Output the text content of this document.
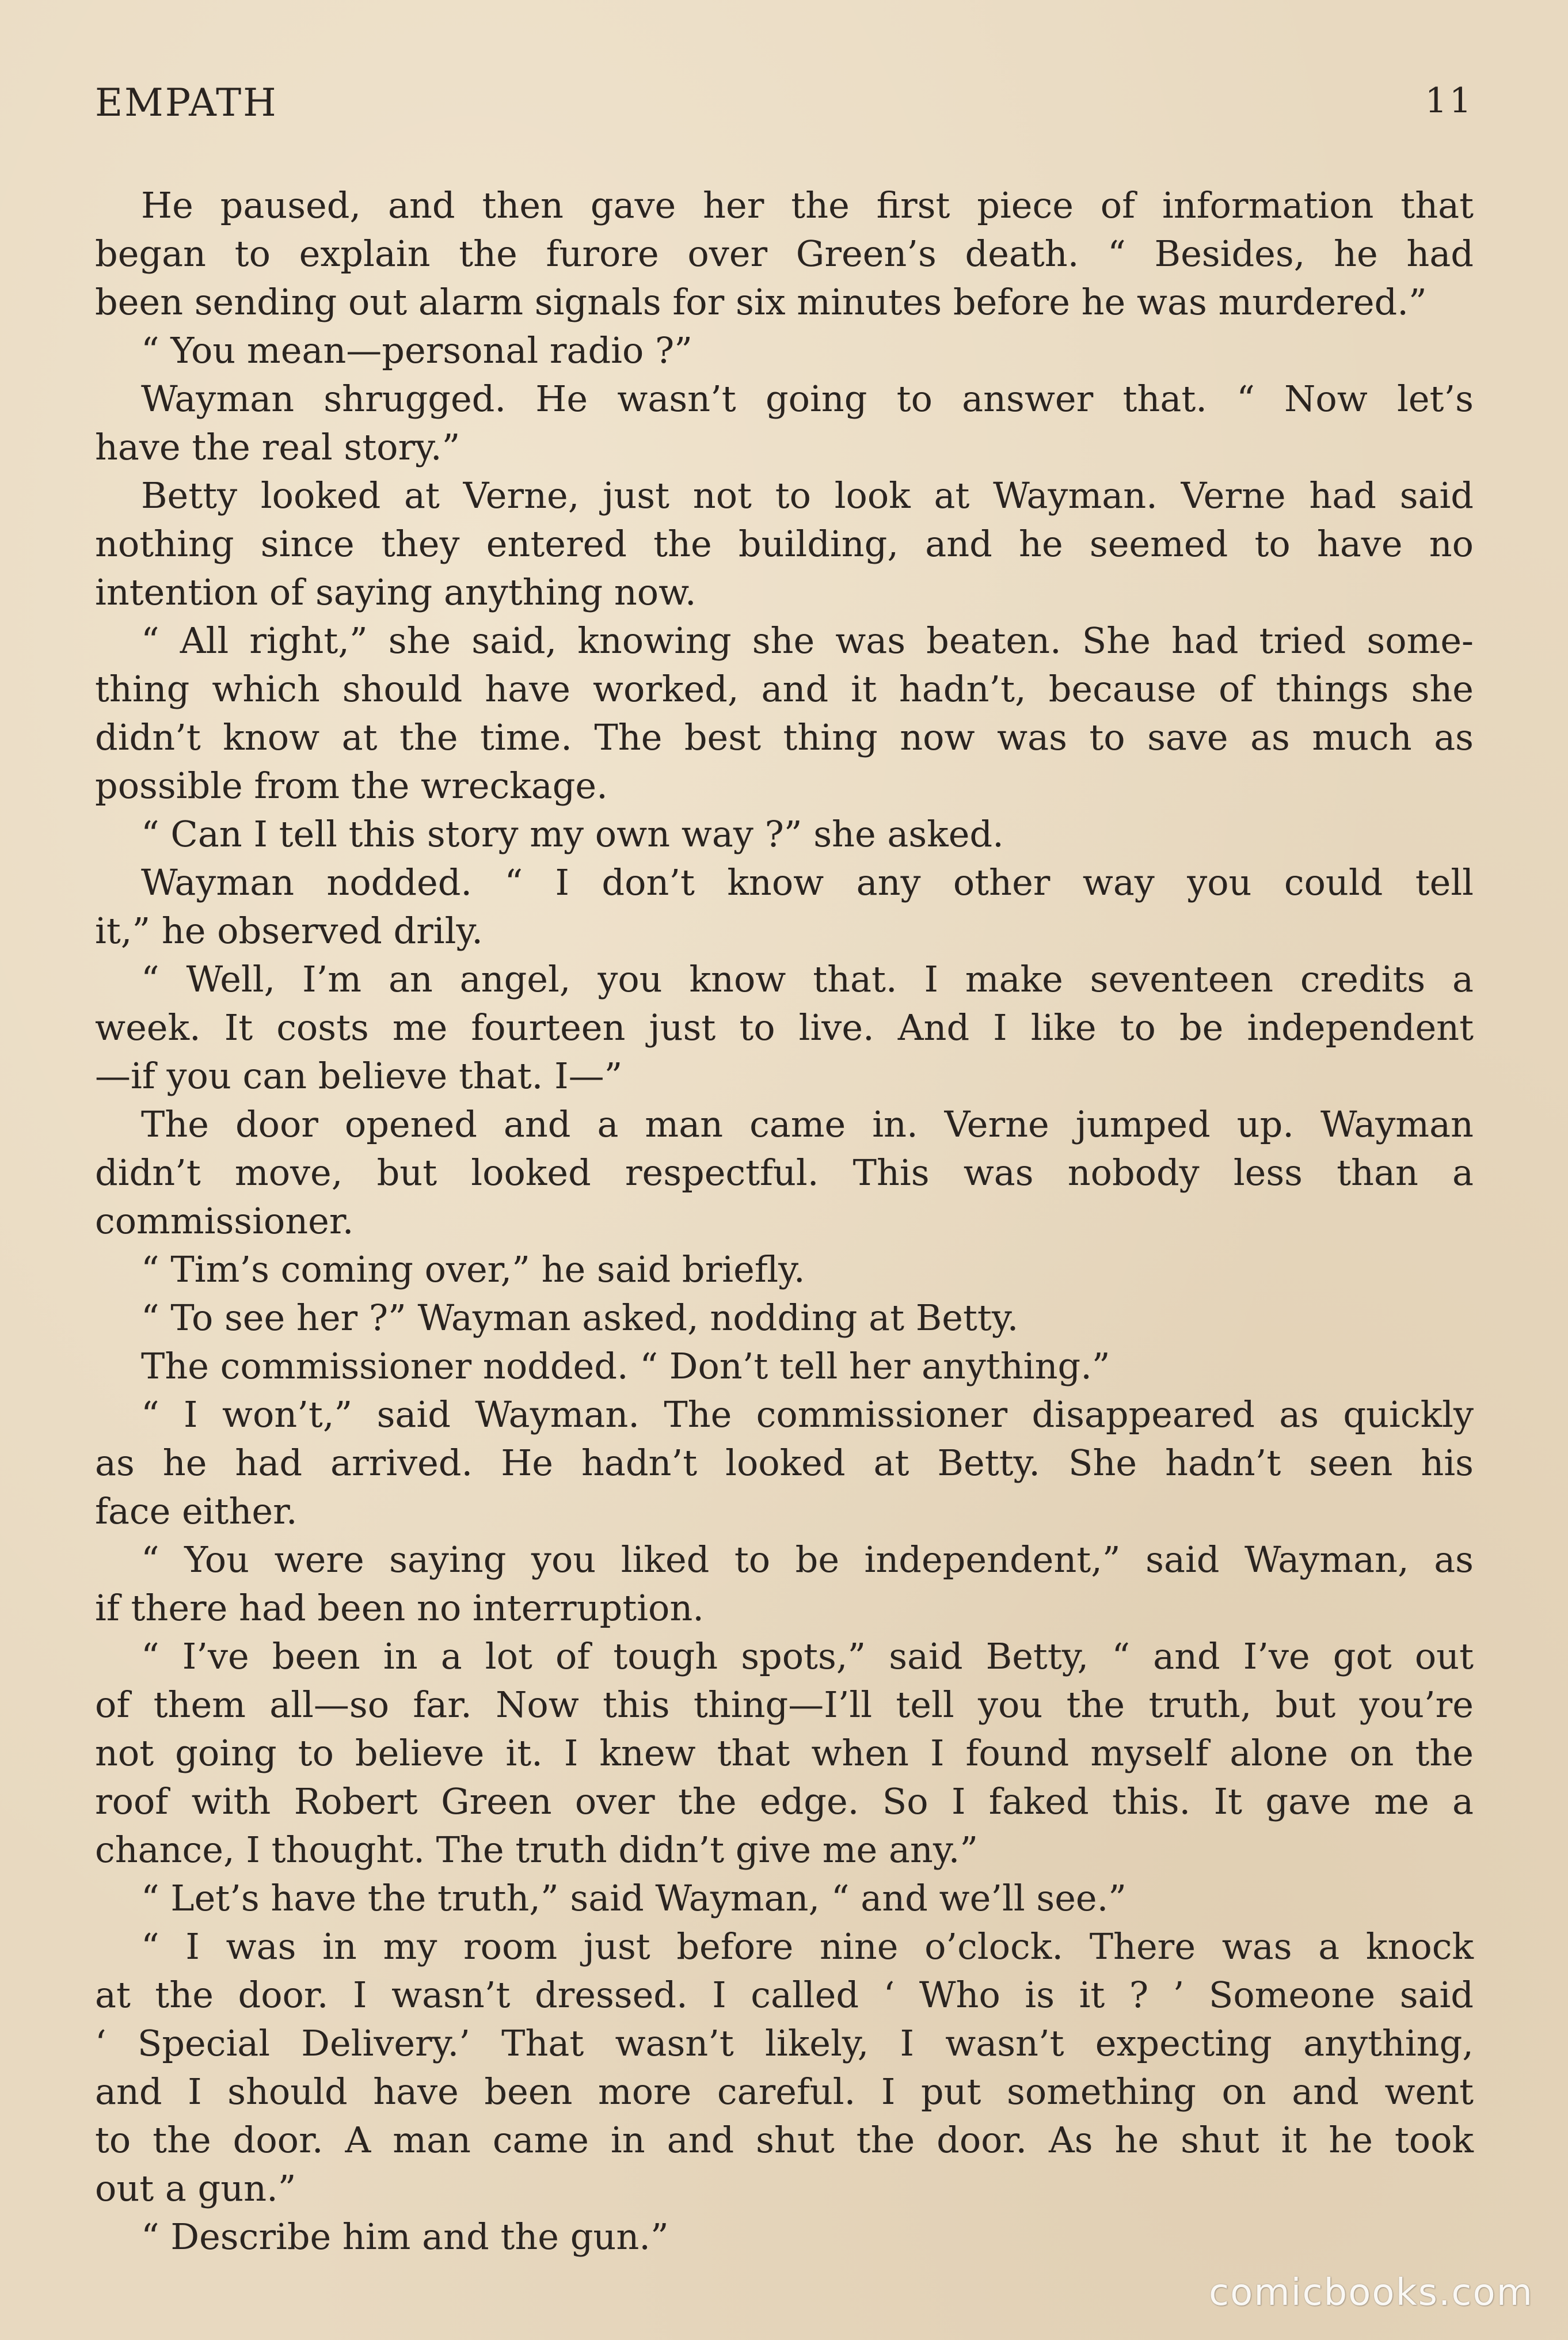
EMPATH	11
He paused, and then gave her the first piece of information that
began to explain the furore over Green’s death. “ Besides, he had
been sending out alarm signals for six minutes before he was murdered.”
“ You mean—personal radio ?”
Wayman shrugged. He wasn’t going to answer that. “ Now let’s
have the real story.”
Betty looked at Verne, just not to look at Wayman. Verne had said
nothing since they entered the building, and he seemed to have no
intention of saying anything now.
“ All right,” she said, knowing she was beaten. She had tried some-
thing which should have worked, and it hadn’t, because of things she
didn’t know at the time. The best thing now was to save as much as
possible from the wreckage.
“ Can I tell this story my own way ?” she asked.
Wayman nodded. “ I don’t know any other way you could tell
it,” he observed drily.
“ Well, I’m an angel, you know that. I make seventeen credits a
week. It costs me fourteen just to live. And I like to be independent
—if you can believe that. I—”
The door opened and a man came in. Verne jumped up. Wayman
didn’t move, but looked respectful. This was nobody less than a
commissioner.
“ Tim’s coming over,” he said briefly.
“ To see her ?” Wayman asked, nodding at Betty.
The commissioner nodded. “ Don’t tell her anything.”
“ I won’t,” said Wayman. The commissioner disappeared as quickly
as he had arrived. He hadn’t looked at Betty. She hadn’t seen his
face either.
“ You were saying you liked to be independent,” said Wayman, as
if there had been no interruption.
“ I’ve been in a lot of tough spots,” said Betty, “ and I’ve got out
of them all—so far. Now this thing—I’ll tell you the truth, but you’re
not going to believe it. I knew that when I found myself alone on the
roof with Robert Green over the edge. So I faked this. It gave me a
chance, I thought. The truth didn’t give me any.”
“ Let’s have the truth,” said Wayman, “ and we’ll see.”
“ I was in my room just before nine o’clock. There was a knock
at the door. I wasn’t dressed. I called ‘ Who is it ? ’ Someone said
‘ Special Delivery.’ That wasn’t likely, I wasn’t expecting anything,
and I should have been more careful. I put something on and went
to the door. A man came in and shut the door. As he shut it he took
out a gun.”
“ Describe him and the gun.”
comicbooks.com
